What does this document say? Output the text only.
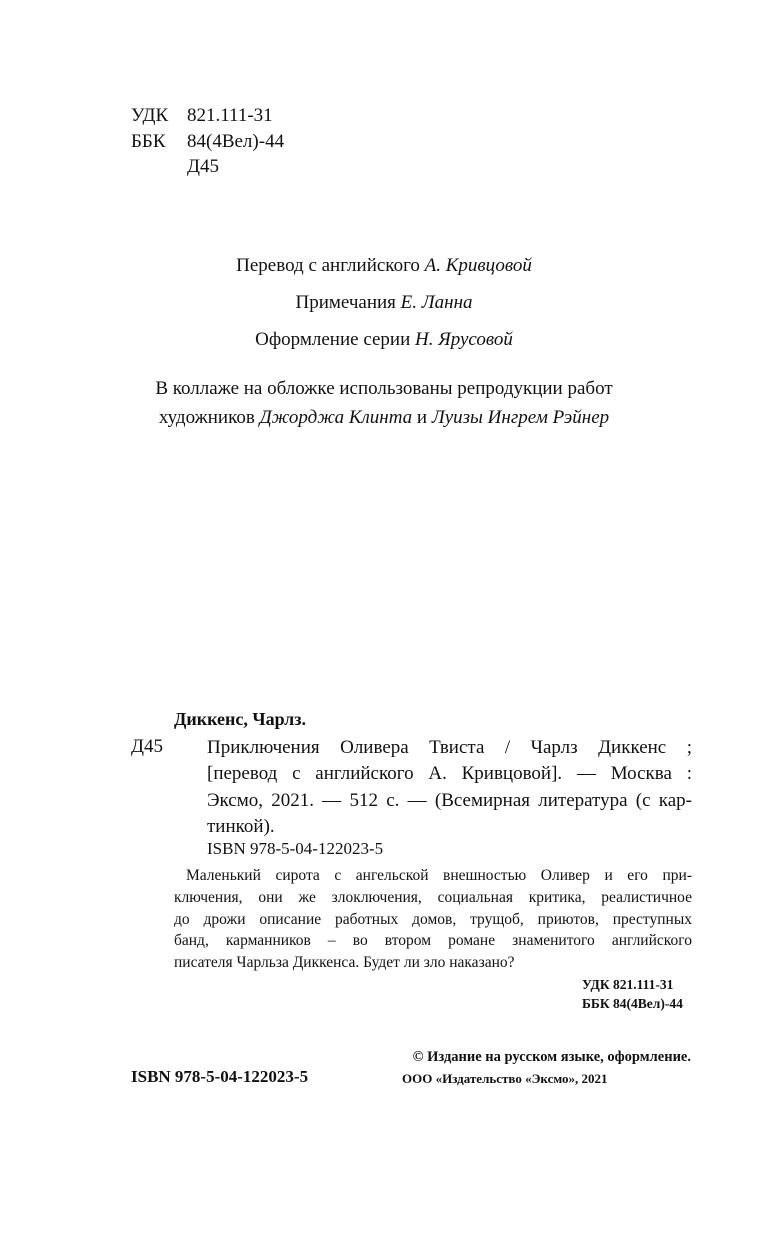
УДК 821.111-31
ББК	84(4Вел)-44
Д45
Перевод с английского А. Кривцовой
Примечания Е. Ланна
Оформление серии Н. Ярусовой
В коллаже на обложке использованы репродукции работ
художников Джорджа Клинта и Луизы Ингрем Рэйнер
Диккенс, Чарлз.
Д45 Приключения Оливера Твиста / Чарлз Диккенс ;
[перевод с английского А. Кривцовой]. — Москва :
Эксмо, 2021. — 512 с. — (Всемирная литература (с кар-
тинкой).
ISBN 978-5-04-122023-5
Маленький сирота с ангельской внешностью Оливер и его при-
ключения, они же злоключения, социальная критика, реалистичное
до дрожи описание работных домов, трущоб, приютов, преступных
банд, карманников – во втором романе знаменитого английского
писателя Чарльза Диккенса. Будет ли зло наказано?
УДК 821.111-31
ББК 84(4Вел)-44
© Издание на русском языке, оформление.
ООО «Издательство «Эксмо», 2021
ISBN 978-5-04-122023-5
